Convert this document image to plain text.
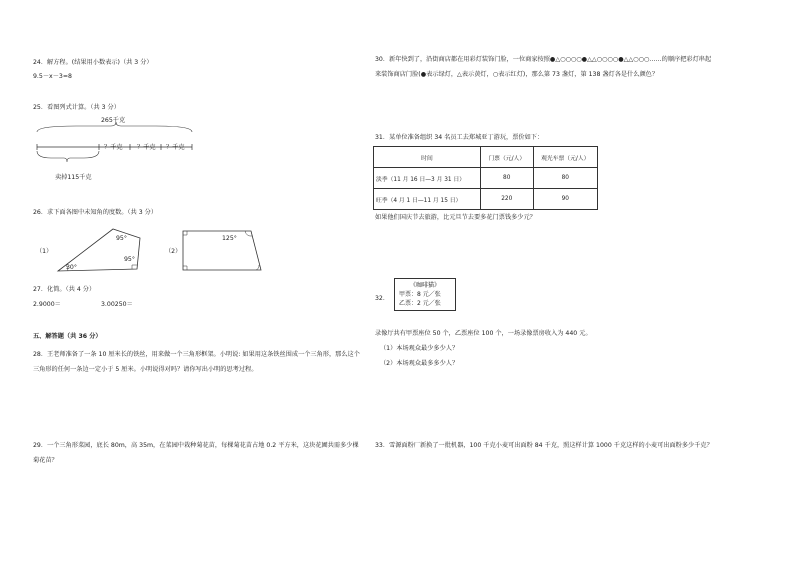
24．解方程。(结果用小数表示)（共 3 分）
9.5－x－3=8
25．看图列式计算。（共 3 分）
265千克
？千克 ？千克 ？千克
卖掉115千克
26．求下面各图中未知角的度数。（共 3 分）
（1）
95°
95°
30°
（2）
125°
27．化简。（共 4 分）
2.9000＝	3.00250＝
五、解答题（共 36 分）
28．王老师准备了一条 10 厘米长的铁丝，用来做一个三角形框架。小明说: 如果用这条铁丝围成一个三角形，那么这个三角形的任何一条边一定小于 5 厘米。小明说得对吗？请你写出小明的思考过程。
29．一个三角形菜园，底长 80m，高 35m，在菜园中栽种菊花苗，每棵菊花苗占地 0.2 平方米，这块花圃共需多少棵菊花苗？
30．新年快到了，沿街商店都在用彩灯装饰门脸，一位商家按照●△○○○○●△△○○○○●△△○○○……的顺序把彩灯串起来装饰商店门脸(●表示绿灯，△表示黄灯，○表示红灯)，那么第 73 盏灯，第 138 盏灯各是什么颜色？
31．某单位准备组织 34 名员工去郑城亚丁游玩，票价如下：
时间	门票（元/人）	观光车票（元/人）
淡季（11 月 16 日—3 月 31 日）	80	80
旺季（4 月 1 日—11 月 15 日）	220	90
如果他们国庆节去旅游，比元旦节去要多花门票钱多少元？
32．
《咖啡猫》
甲票：8 元／张
乙票：2 元／张
录像厅共有甲票座位 50 个，乙票座位 100 个，一场录像票房收入为 440 元。
（1）本场观众最少多少人？
（2）本场观众最多多少人？
33．雪源面粉厂新换了一批机器，100 千克小麦可出面粉 84 千克，照这样计算 1000 千克这样的小麦可出面粉多少千克？
